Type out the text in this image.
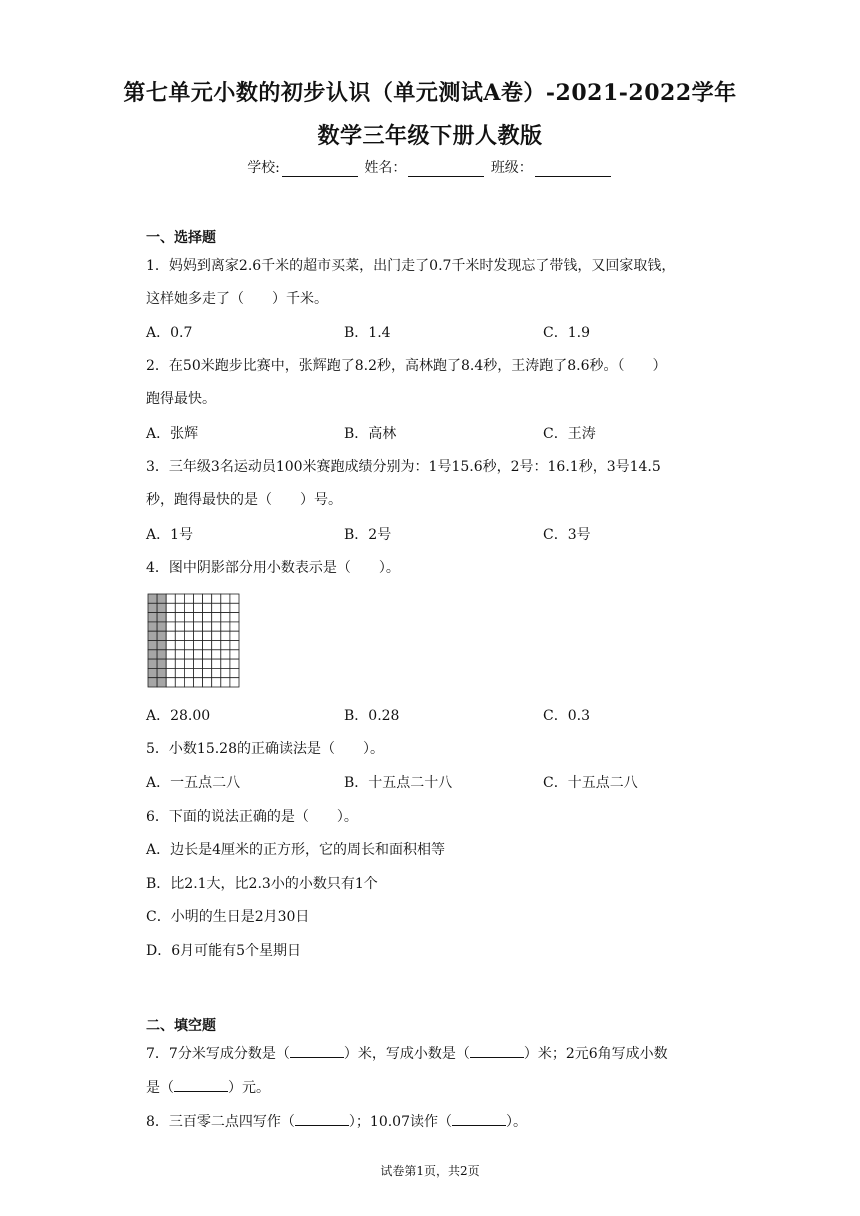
第七单元小数的初步认识（单元测试A卷）-2021-2022学年
数学三年级下册人教版
学校:	姓名：	班级：
一、选择题
1．妈妈到离家2.6千米的超市买菜，出门走了0.7千米时发现忘了带钱，又回家取钱，
这样她多走了（　　）千米。
A．0.7	B．1.4	C．1.9
2．在50米跑步比赛中，张辉跑了8.2秒，高林跑了8.4秒，王涛跑了8.6秒。（　　）
跑得最快。
A．张辉	B．高林	C．王涛
3．三年级3名运动员100米赛跑成绩分别为：1号15.6秒，2号：16.1秒，3号14.5
秒，跑得最快的是（　　）号。
A．1号	B．2号	C．3号
4．图中阴影部分用小数表示是（　　）。
A．28.00	B．0.28	C．0.3
5．小数15.28的正确读法是（　　）。
A．一五点二八	B．十五点二十八	C．十五点二八
6．下面的说法正确的是（　　）。
A．边长是4厘米的正方形，它的周长和面积相等
B．比2.1大，比2.3小的小数只有1个
C．小明的生日是2月30日
D．6月可能有5个星期日
二、填空题
7．7分米写成分数是（	）米，写成小数是（	）米；2元6角写成小数
是（	）元。
8．三百零二点四写作（	）；10.07读作（	）。
试卷第1页，共2页
